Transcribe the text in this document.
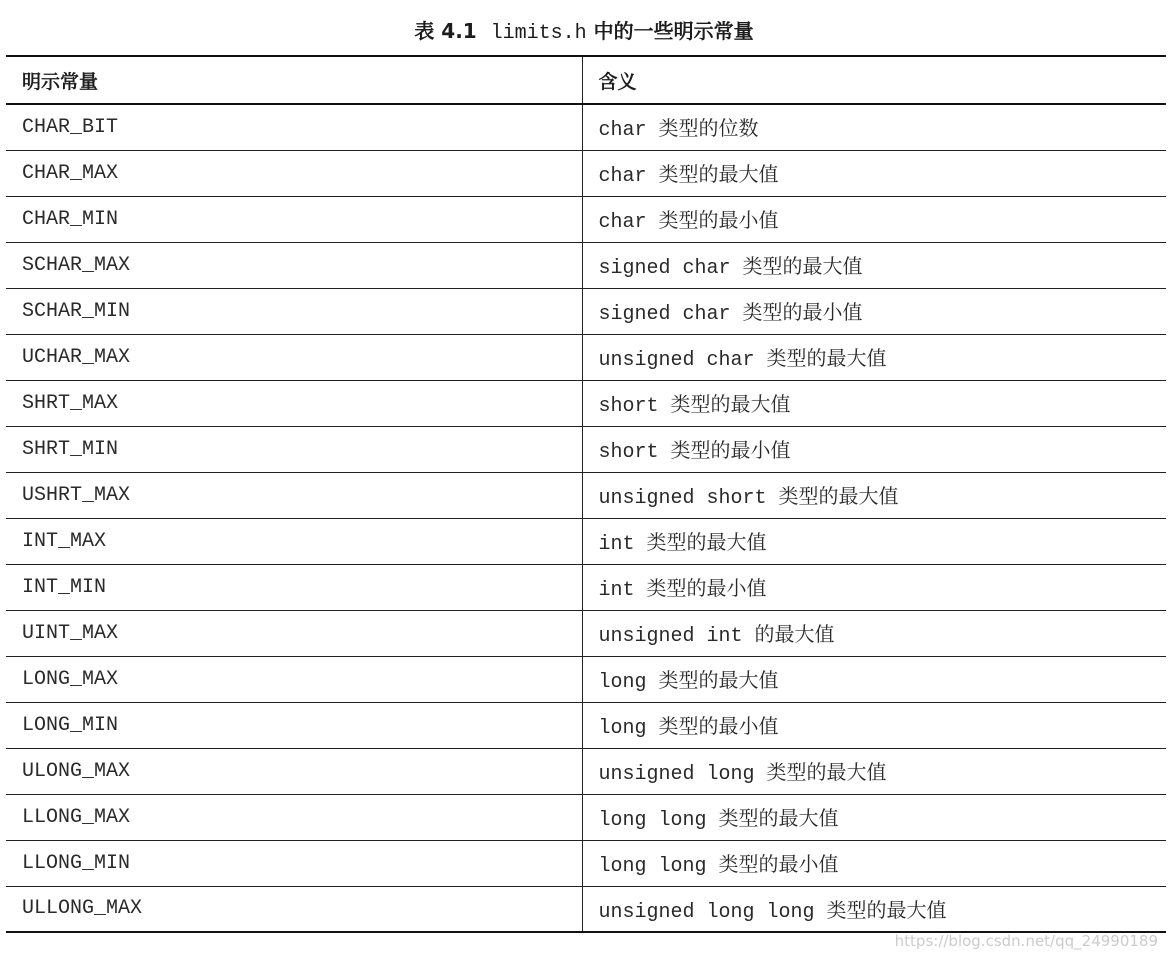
表 4.1 limits.h 中的一些明示常量
明示常量	含义
CHAR_BIT	char 类型的位数
CHAR_MAX	char 类型的最大值
CHAR_MIN	char 类型的最小值
SCHAR_MAX	signed char 类型的最大值
SCHAR_MIN	signed char 类型的最小值
UCHAR_MAX	unsigned char 类型的最大值
SHRT_MAX	short 类型的最大值
SHRT_MIN	short 类型的最小值
USHRT_MAX	unsigned short 类型的最大值
INT_MAX	int 类型的最大值
INT_MIN	int 类型的最小值
UINT_MAX	unsigned int 的最大值
LONG_MAX	long 类型的最大值
LONG_MIN	long 类型的最小值
ULONG_MAX	unsigned long 类型的最大值
LLONG_MAX	long long 类型的最大值
LLONG_MIN	long long 类型的最小值
ULLONG_MAX	unsigned long long 类型的最大值
https://blog.csdn.net/qq_24990189
